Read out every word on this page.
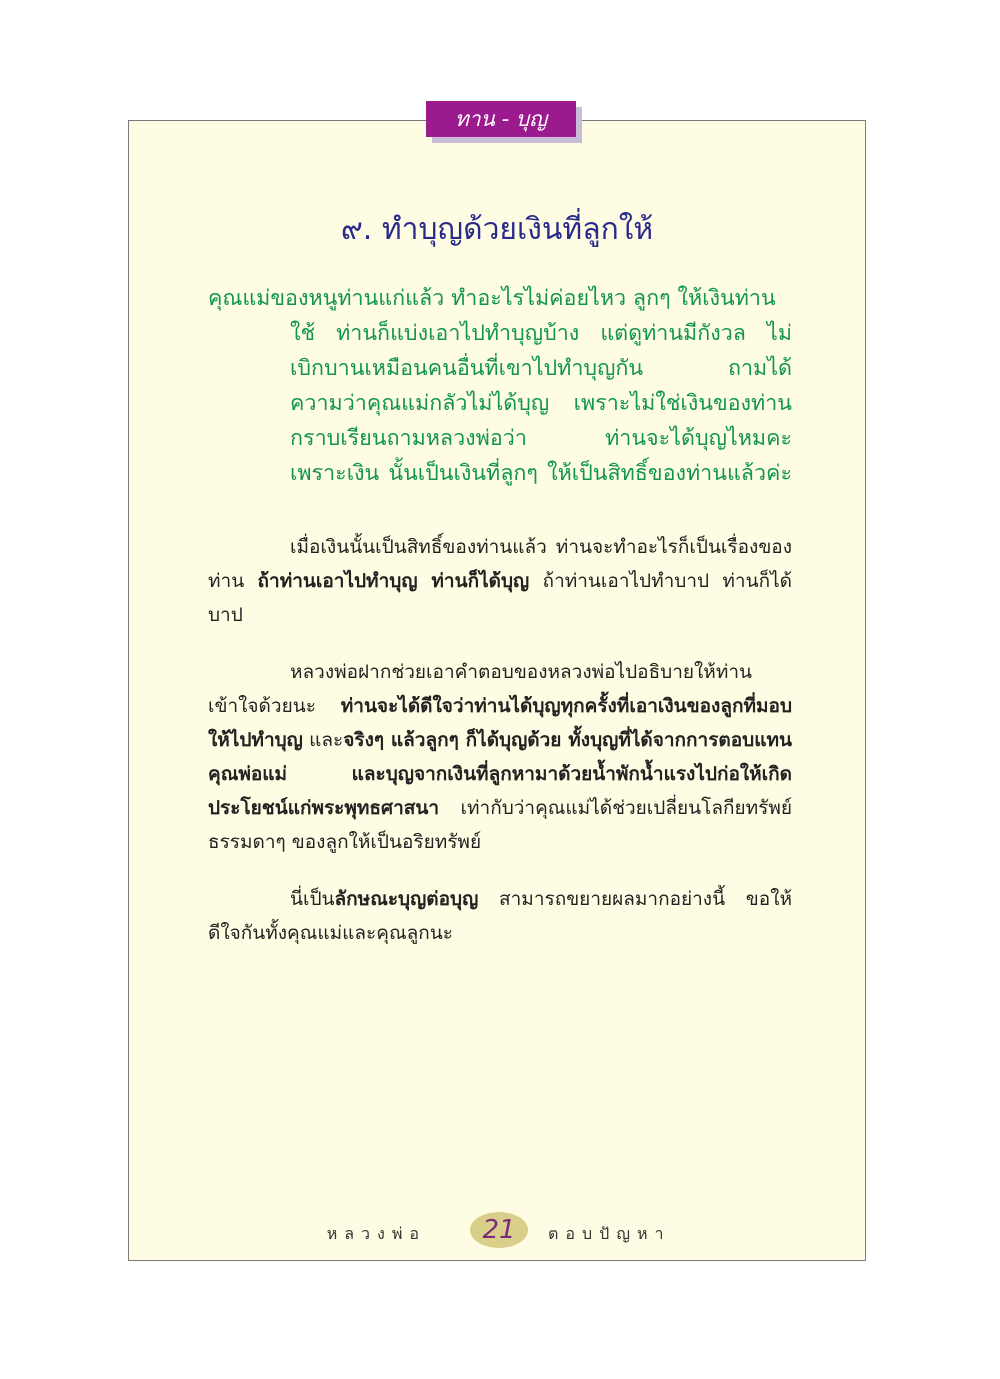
ทาน - บุญ
๙. ทำบุญด้วยเงินที่ลูกให้
คุณแม่ของหนูท่านแก่แล้ว ทำอะไรไม่ค่อยไหว ลูกๆ ให้เงินท่าน
ใช้ ท่านก็แบ่งเอาไปทำบุญบ้าง แต่ดูท่านมีกังวล ไม่
เบิกบานเหมือนคนอื่นที่เขาไปทำบุญกัน ถามได้
ความว่าคุณแม่กลัวไม่ได้บุญ เพราะไม่ใช่เงินของท่าน
กราบเรียนถามหลวงพ่อว่า ท่านจะได้บุญไหมคะ
เพราะเงิน นั้นเป็นเงินที่ลูกๆ ให้เป็นสิทธิ์ของท่านแล้วค่ะ

เมื่อเงินนั้นเป็นสิทธิ์ของท่านแล้ว ท่านจะทำอะไรก็เป็นเรื่องของท่าน ถ้าท่านเอาไปทำบุญ ท่านก็ได้บุญ ถ้าท่านเอาไปทำบาป ท่านก็ได้บาป

หลวงพ่อฝากช่วยเอาคำตอบของหลวงพ่อไปอธิบายให้ท่านเข้าใจด้วยนะ ท่านจะได้ดีใจว่าท่านได้บุญทุกครั้งที่เอาเงินของลูกที่มอบให้ไปทำบุญ และจริงๆ แล้วลูกๆ ก็ได้บุญด้วย ทั้งบุญที่ได้จากการตอบแทนคุณพ่อแม่ และบุญจากเงินที่ลูกหามาด้วยน้ำพักน้ำแรงไปก่อให้เกิดประโยชน์แก่พระพุทธศาสนา เท่ากับว่าคุณแม่ได้ช่วยเปลี่ยนโลกียทรัพย์ธรรมดาๆ ของลูกให้เป็นอริยทรัพย์

นี่เป็นลักษณะบุญต่อบุญ สามารถขยายผลมากอย่างนี้ ขอให้ดีใจกันทั้งคุณแม่และคุณลูกนะ

หลวงพ่อ	21	ตอบปัญหา
